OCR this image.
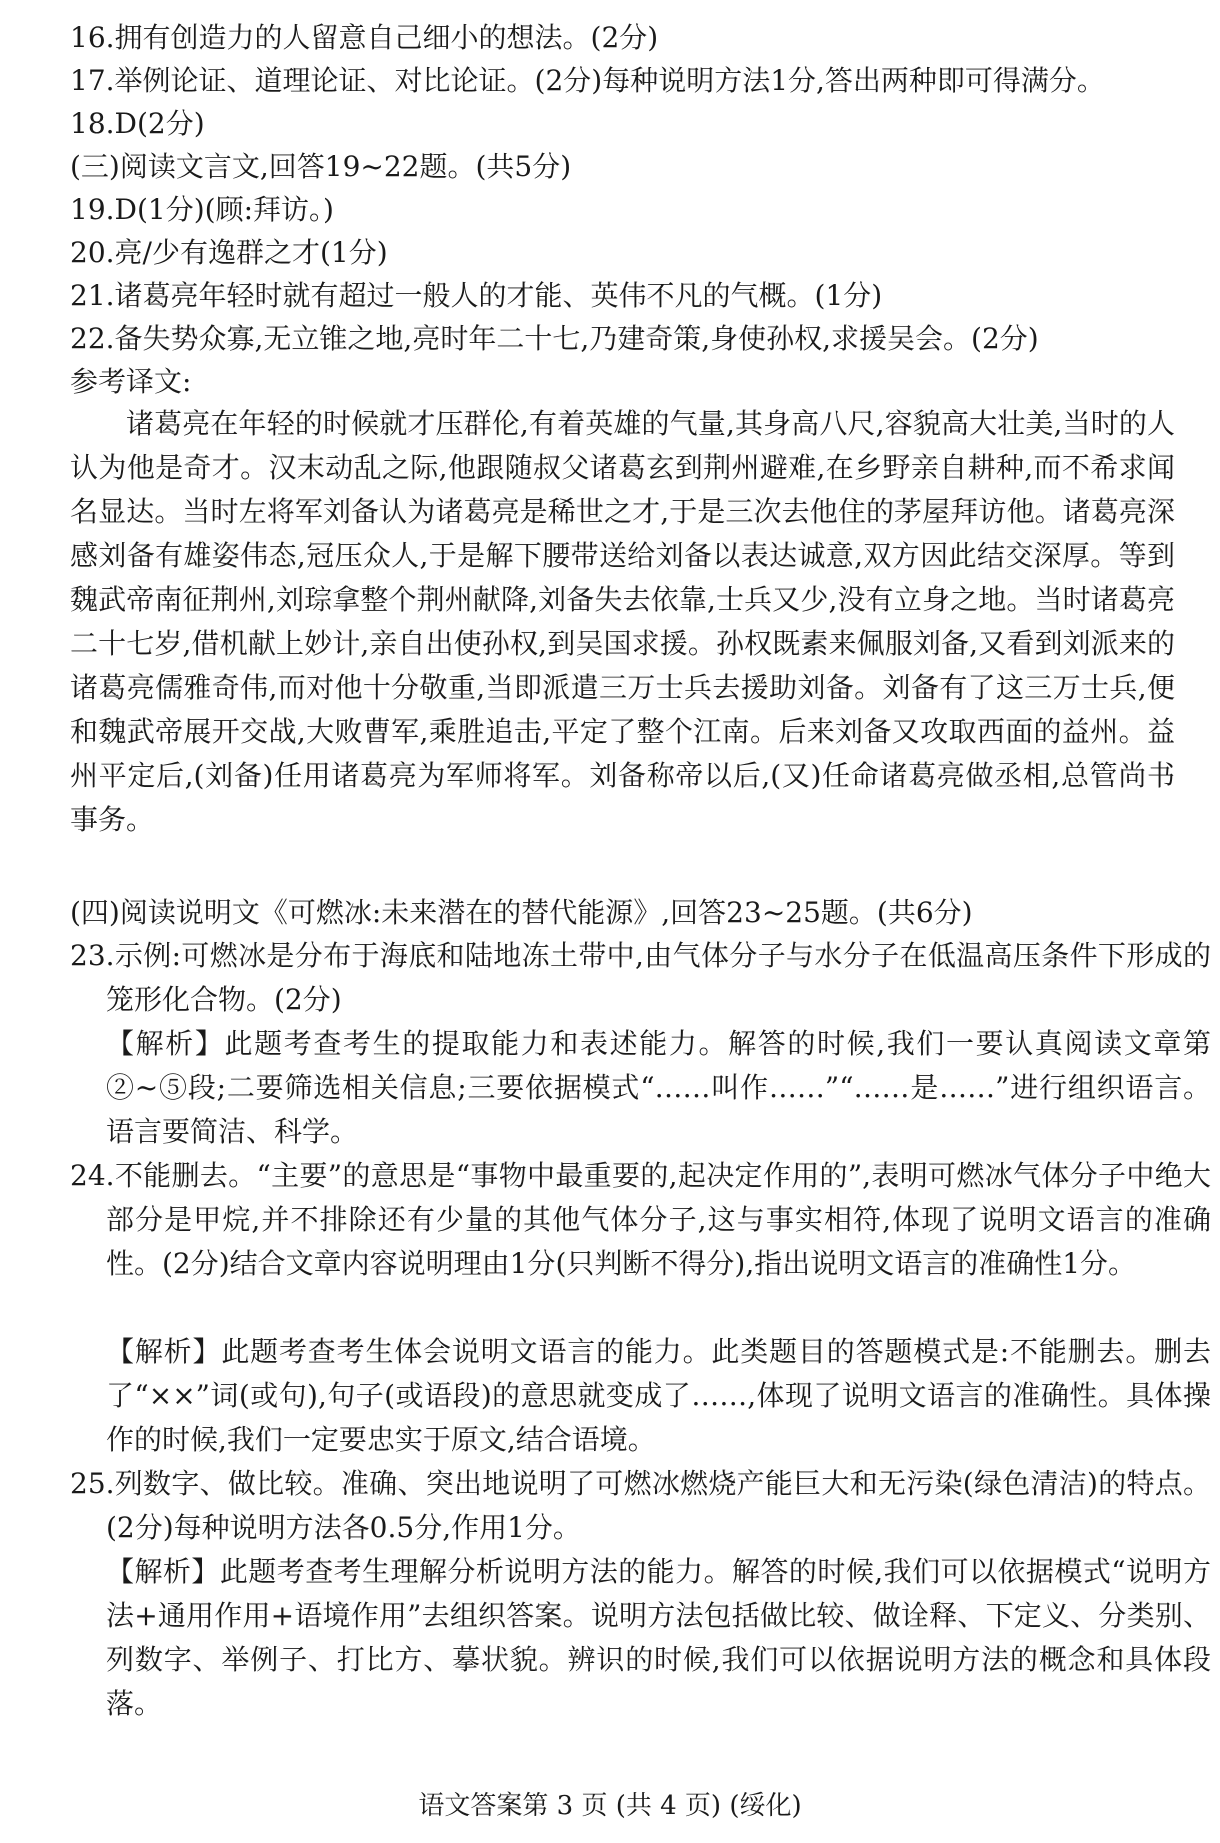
16.拥有创造力的人留意自己细小的想法。(2分)
17.举例论证、道理论证、对比论证。(2分)每种说明方法1分,答出两种即可得满分。
18.D(2分)
(三)阅读文言文,回答19~22题。(共5分)
19.D(1分)(顾:拜访。)
20.亮/少有逸群之才(1分)
21.诸葛亮年轻时就有超过一般人的才能、英伟不凡的气概。(1分)
22.备失势众寡,无立锥之地,亮时年二十七,乃建奇策,身使孙权,求援吴会。(2分)
参考译文:
诸葛亮在年轻的时候就才压群伦,有着英雄的气量,其身高八尺,容貌高大壮美,当时的人认为他是奇才。汉末动乱之际,他跟随叔父诸葛玄到荆州避难,在乡野亲自耕种,而不希求闻名显达。当时左将军刘备认为诸葛亮是稀世之才,于是三次去他住的茅屋拜访他。诸葛亮深感刘备有雄姿伟态,冠压众人,于是解下腰带送给刘备以表达诚意,双方因此结交深厚。等到魏武帝南征荆州,刘琮拿整个荆州献降,刘备失去依靠,士兵又少,没有立身之地。当时诸葛亮二十七岁,借机献上妙计,亲自出使孙权,到吴国求援。孙权既素来佩服刘备,又看到刘派来的诸葛亮儒雅奇伟,而对他十分敬重,当即派遣三万士兵去援助刘备。刘备有了这三万士兵,便和魏武帝展开交战,大败曹军,乘胜追击,平定了整个江南。后来刘备又攻取西面的益州。益州平定后,(刘备)任用诸葛亮为军师将军。刘备称帝以后,(又)任命诸葛亮做丞相,总管尚书事务。
(四)阅读说明文《可燃冰:未来潜在的替代能源》,回答23~25题。(共6分)
23.示例:可燃冰是分布于海底和陆地冻土带中,由气体分子与水分子在低温高压条件下形成的笼形化合物。(2分)
【解析】此题考查考生的提取能力和表述能力。解答的时候,我们一要认真阅读文章第②~⑤段;二要筛选相关信息;三要依据模式“……叫作……”“……是……”进行组织语言。语言要简洁、科学。
24.不能删去。“主要”的意思是“事物中最重要的,起决定作用的”,表明可燃冰气体分子中绝大部分是甲烷,并不排除还有少量的其他气体分子,这与事实相符,体现了说明文语言的准确性。(2分)结合文章内容说明理由1分(只判断不得分),指出说明文语言的准确性1分。
【解析】此题考查考生体会说明文语言的能力。此类题目的答题模式是:不能删去。删去了“××”词(或句),句子(或语段)的意思就变成了……,体现了说明文语言的准确性。具体操作的时候,我们一定要忠实于原文,结合语境。
25.列数字、做比较。准确、突出地说明了可燃冰燃烧产能巨大和无污染(绿色清洁)的特点。(2分)每种说明方法各0.5分,作用1分。
【解析】此题考查考生理解分析说明方法的能力。解答的时候,我们可以依据模式“说明方法+通用作用+语境作用”去组织答案。说明方法包括做比较、做诠释、下定义、分类别、列数字、举例子、打比方、摹状貌。辨识的时候,我们可以依据说明方法的概念和具体段落。
语文答案第 3 页 (共 4 页) (绥化)
